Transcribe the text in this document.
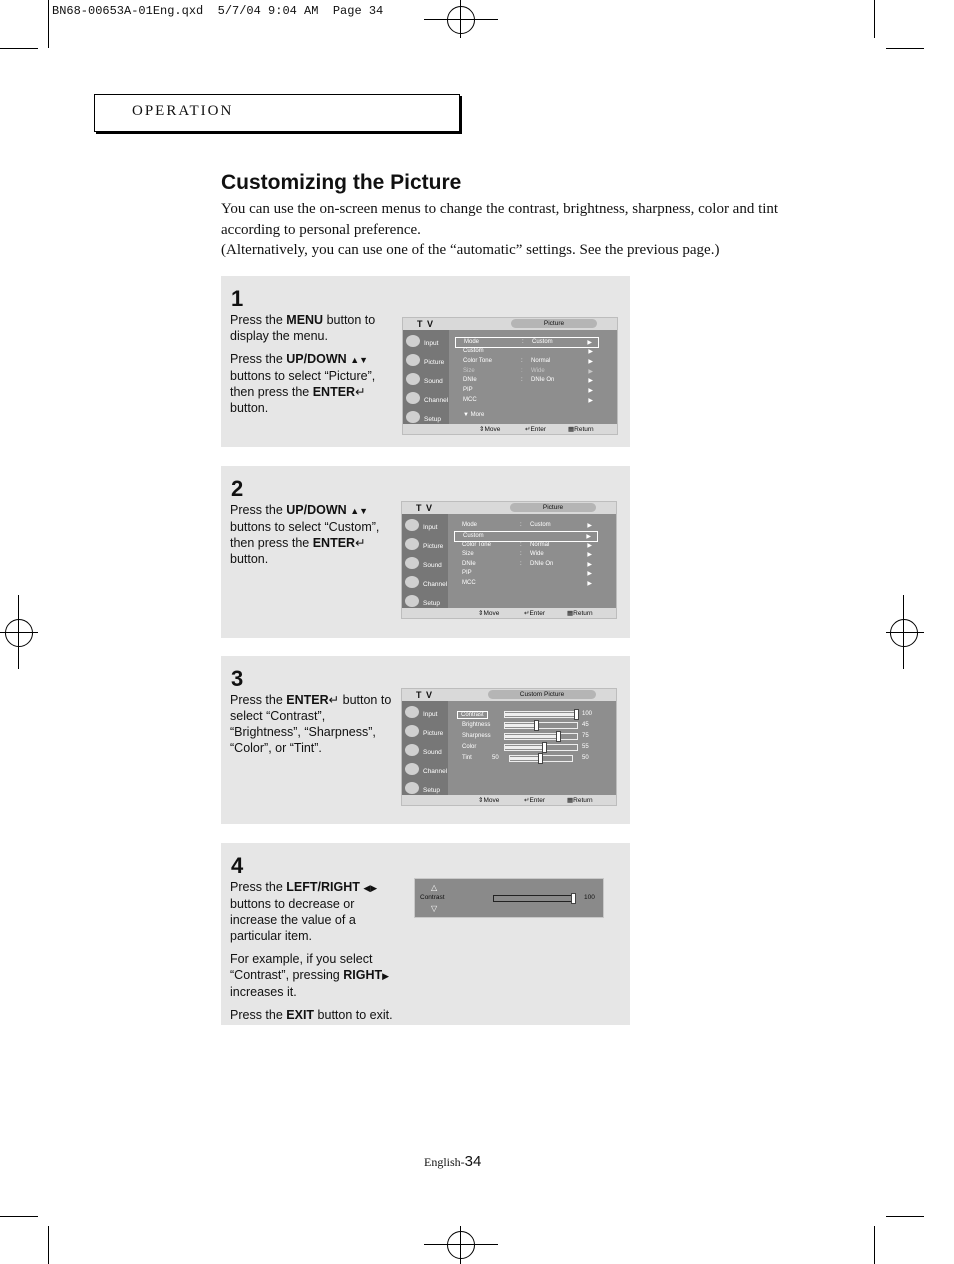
BN68-00653A-01Eng.qxd  5/7/04 9:04 AM  Page 34
OPERATION
Customizing the Picture

You can use the on-screen menus to change the contrast, brightness, sharpness, color and tint according to personal preference.

(Alternatively, you can use one of the “automatic” settings. See the previous page.)

1

Press the MENU button to display the menu.

Press the UP/DOWN ▲▼ buttons to select “Picture”, then press the ENTER↵ button.

T V	Picture
Input
Picture
Sound
Channel
Setup
Mode	: Custom	▶
Custom	▶
Color Tone	: Normal	▶
Size	: Wide	▶
DNIe	: DNIe On	▶
PIP	▶
MCC	▶
▼ More
⇕ Move	↵ Enter	▦ Return
2

Press the UP/DOWN ▲▼ buttons to select “Custom”, then press the ENTER↵ button.

T V	Picture
Input
Picture
Sound
Channel
Setup
Mode	: Custom	▶
Custom	▶
Color Tone	: Normal	▶
Size	: Wide	▶
DNIe	: DNIe On	▶
PIP	▶
MCC	▶
⇕ Move	↵ Enter	▦ Return
3

Press the ENTER↵ button to select “Contrast”, “Brightness”, “Sharpness”, “Color”, or “Tint”.

T V	Custom Picture
Input
Picture
Sound
Channel
Setup
Contrast	100
Brightness	45
Sharpness	75
Color	55
Tint	50	50
⇕ Move	↵ Enter	▦ Return
4

Press the LEFT/RIGHT ◀▶ buttons to decrease or increase the value of a particular item.

For example, if you select “Contrast”, pressing RIGHT▶ increases it.

Press the EXIT button to exit.

△
Contrast	100
▽
English-34
